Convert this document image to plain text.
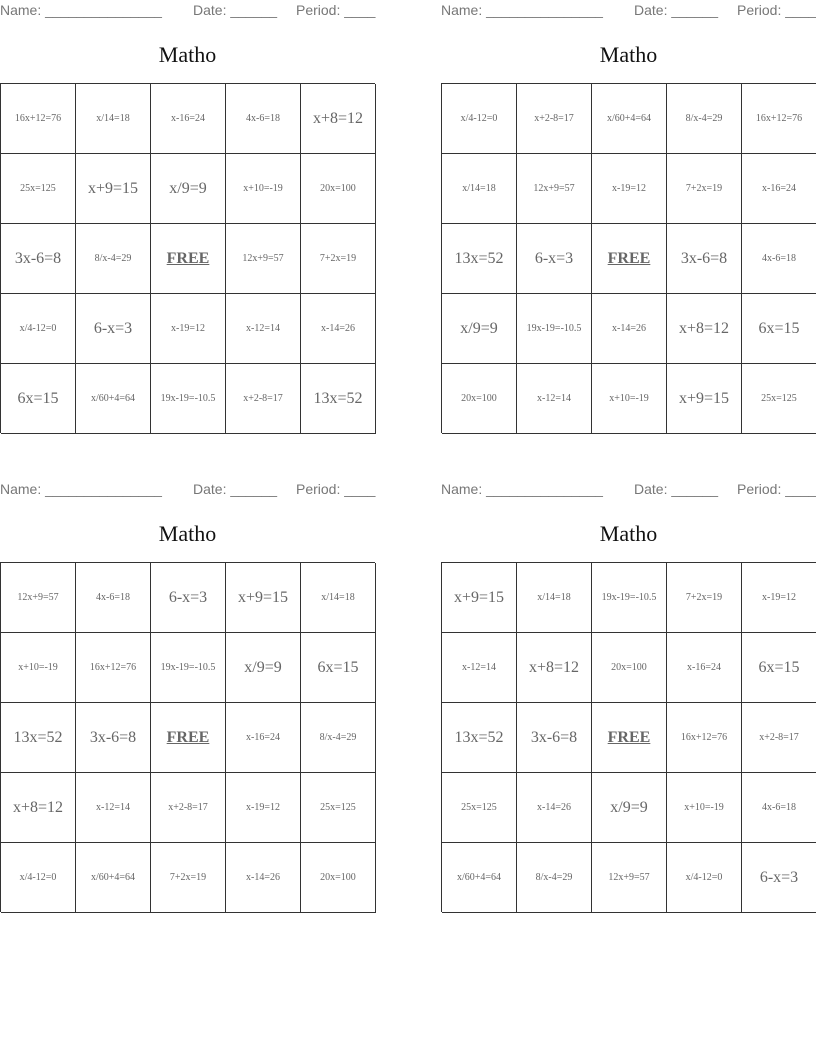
Name: _______________ Date: ______ Period: ____
Matho
16x+12=76	x/14=18	x-16=24	4x-6=18	x+8=12
25x=125	x+9=15	x/9=9	x+10=-19	20x=100
3x-6=8	8/x-4=29	FREE	12x+9=57	7+2x=19
x/4-12=0	6-x=3	x-19=12	x-12=14	x-14=26
6x=15	x/60+4=64	19x-19=-10.5	x+2-8=17	13x=52
Name: _______________ Date: ______ Period: ____
Matho
x/4-12=0	x+2-8=17	x/60+4=64	8/x-4=29	16x+12=76
x/14=18	12x+9=57	x-19=12	7+2x=19	x-16=24
13x=52	6-x=3	FREE	3x-6=8	4x-6=18
x/9=9	19x-19=-10.5	x-14=26	x+8=12	6x=15
20x=100	x-12=14	x+10=-19	x+9=15	25x=125
Name: _______________ Date: ______ Period: ____
Matho
12x+9=57	4x-6=18	6-x=3	x+9=15	x/14=18
x+10=-19	16x+12=76	19x-19=-10.5	x/9=9	6x=15
13x=52	3x-6=8	FREE	x-16=24	8/x-4=29
x+8=12	x-12=14	x+2-8=17	x-19=12	25x=125
x/4-12=0	x/60+4=64	7+2x=19	x-14=26	20x=100
Name: _______________ Date: ______ Period: ____
Matho
x+9=15	x/14=18	19x-19=-10.5	7+2x=19	x-19=12
x-12=14	x+8=12	20x=100	x-16=24	6x=15
13x=52	3x-6=8	FREE	16x+12=76	x+2-8=17
25x=125	x-14=26	x/9=9	x+10=-19	4x-6=18
x/60+4=64	8/x-4=29	12x+9=57	x/4-12=0	6-x=3
